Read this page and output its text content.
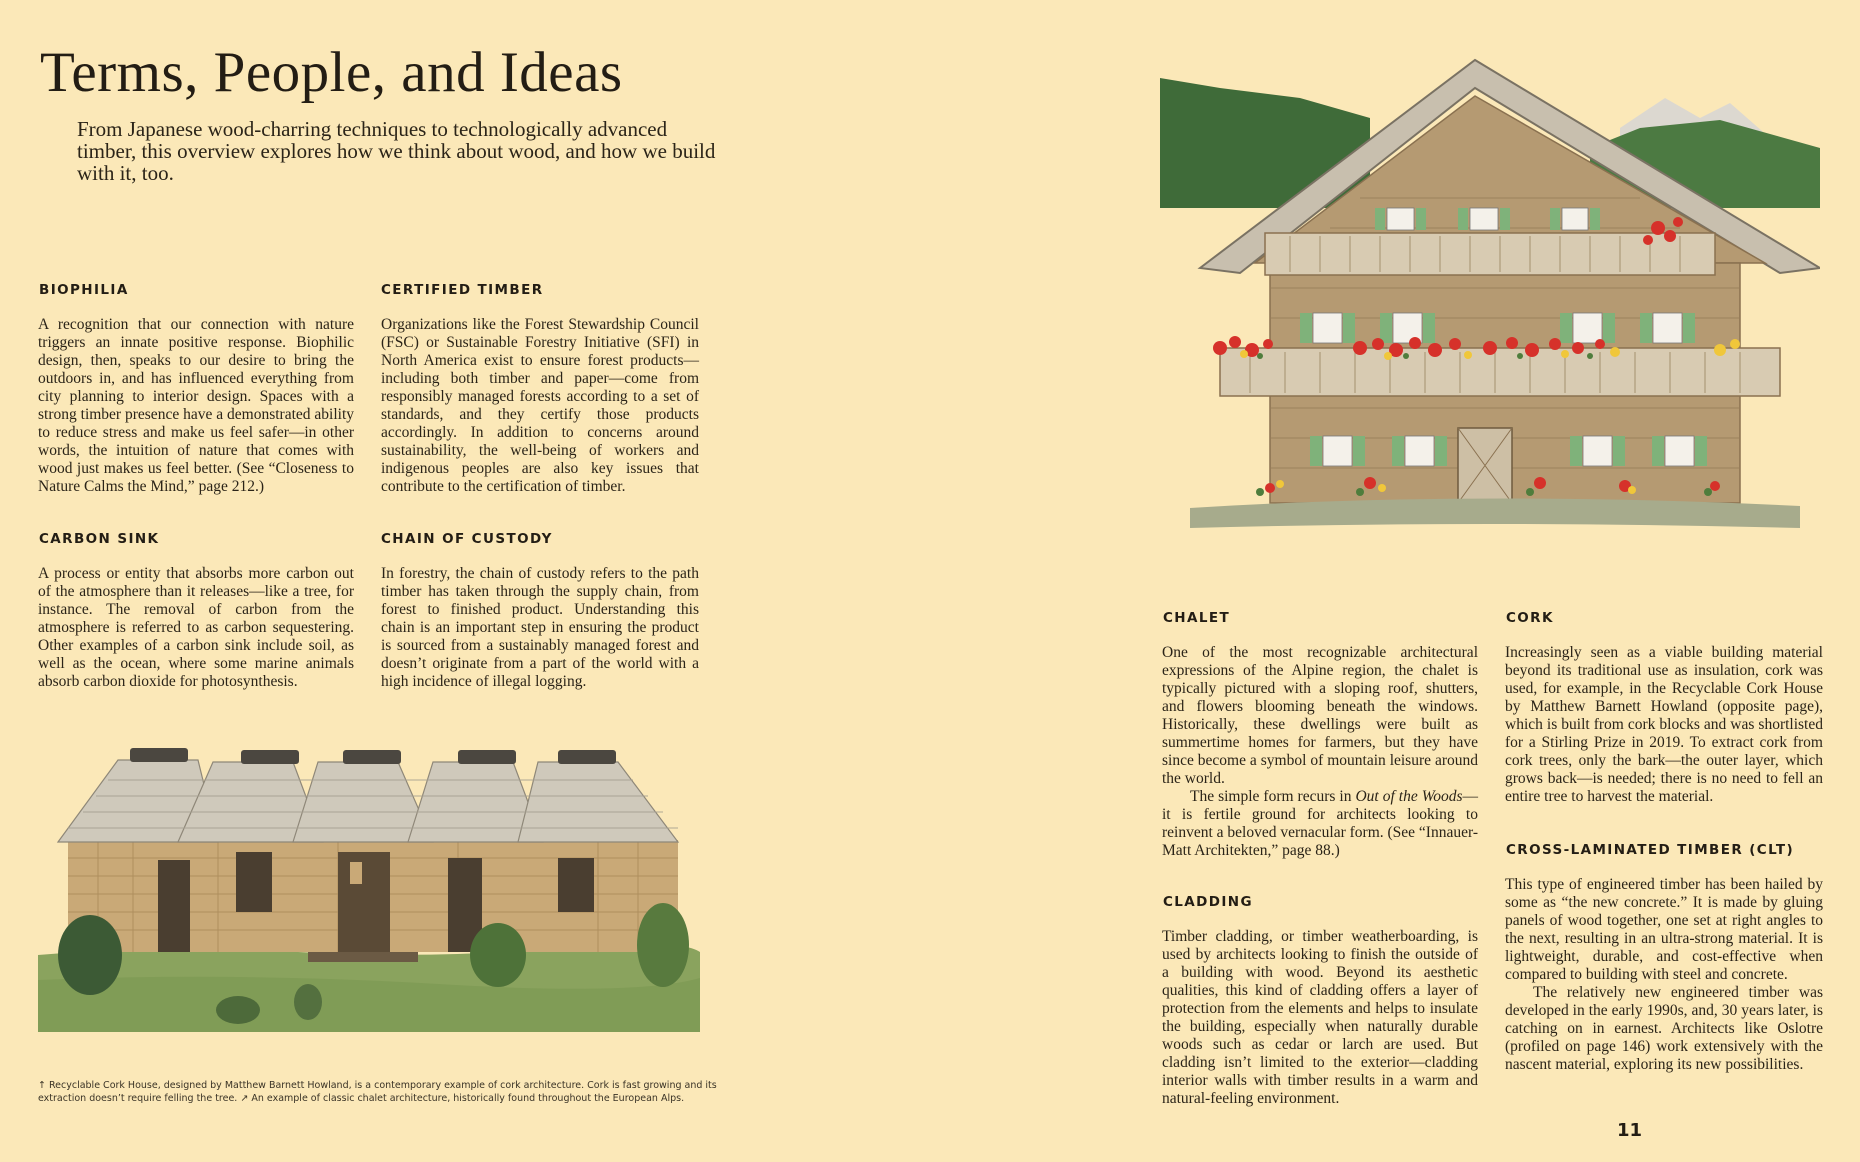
Terms, People, and Ideas

From Japanese wood-charring techniques to technologically advanced timber, this overview explores how we think about wood, and how we build with it, too.

BIOPHILIA

A recognition that our connection with nature triggers an innate positive response. Biophilic design, then, speaks to our desire to bring the outdoors in, and has influenced everything from city planning to interior design. Spaces with a strong timber presence have a demonstrated ability to reduce stress and make us feel safer—in other words, the intuition of nature that comes with wood just makes us feel better. (See “Closeness to Nature Calms the Mind,” page 212.)

CARBON SINK

A process or entity that absorbs more carbon out of the atmosphere than it releases—like a tree, for instance. The removal of carbon from the atmosphere is referred to as carbon sequestering. Other examples of a carbon sink include soil, as well as the ocean, where some marine animals absorb carbon dioxide for photosynthesis.

CERTIFIED TIMBER

Organizations like the Forest Stewardship Council (FSC) or Sustainable Forestry Initiative (SFI) in North America exist to ensure forest products—including both timber and paper—come from responsibly managed forests according to a set of standards, and they certify those products accordingly. In addition to concerns around sustainability, the well-being of workers and indigenous peoples are also key issues that contribute to the certification of timber.

CHAIN OF CUSTODY

In forestry, the chain of custody refers to the path timber has taken through the supply chain, from forest to finished product. Understanding this chain is an important step in ensuring the product is sourced from a sustainably managed forest and doesn’t originate from a part of the world with a high incidence of illegal logging.

↑ Recyclable Cork House, designed by Matthew Barnett Howland, is a contemporary example of cork architecture. Cork is fast growing and its extraction doesn’t require felling the tree. ↗ An example of classic chalet architecture, historically found throughout the European Alps.

CHALET

One of the most recognizable architectural expressions of the Alpine region, the chalet is typically pictured with a sloping roof, shutters, and flowers blooming beneath the windows. Historically, these dwellings were built as summertime homes for farmers, but they have since become a symbol of mountain leisure around the world.

The simple form recurs in Out of the Woods—it is fertile ground for architects looking to reinvent a beloved vernacular form. (See “Innauer-Matt Architekten,” page 88.)

CLADDING

Timber cladding, or timber weatherboarding, is used by architects looking to finish the outside of a building with wood. Beyond its aesthetic qualities, this kind of cladding offers a layer of protection from the elements and helps to insulate the building, especially when naturally durable woods such as cedar or larch are used. But cladding isn’t limited to the exterior—cladding interior walls with timber results in a warm and natural-feeling environment.

CORK

Increasingly seen as a viable building material beyond its traditional use as insulation, cork was used, for example, in the Recyclable Cork House by Matthew Barnett Howland (opposite page), which is built from cork blocks and was shortlisted for a Stirling Prize in 2019. To extract cork from cork trees, only the bark—the outer layer, which grows back—is needed; there is no need to fell an entire tree to harvest the material.

CROSS-LAMINATED TIMBER (CLT)

This type of engineered timber has been hailed by some as “the new concrete.” It is made by gluing panels of wood together, one set at right angles to the next, resulting in an ultra-strong material. It is lightweight, durable, and cost-effective when compared to building with steel and concrete.

The relatively new engineered timber was developed in the early 1990s, and, 30 years later, is catching on in earnest. Architects like Oslotre (profiled on page 146) work extensively with the nascent material, exploring its new possibilities.

11
